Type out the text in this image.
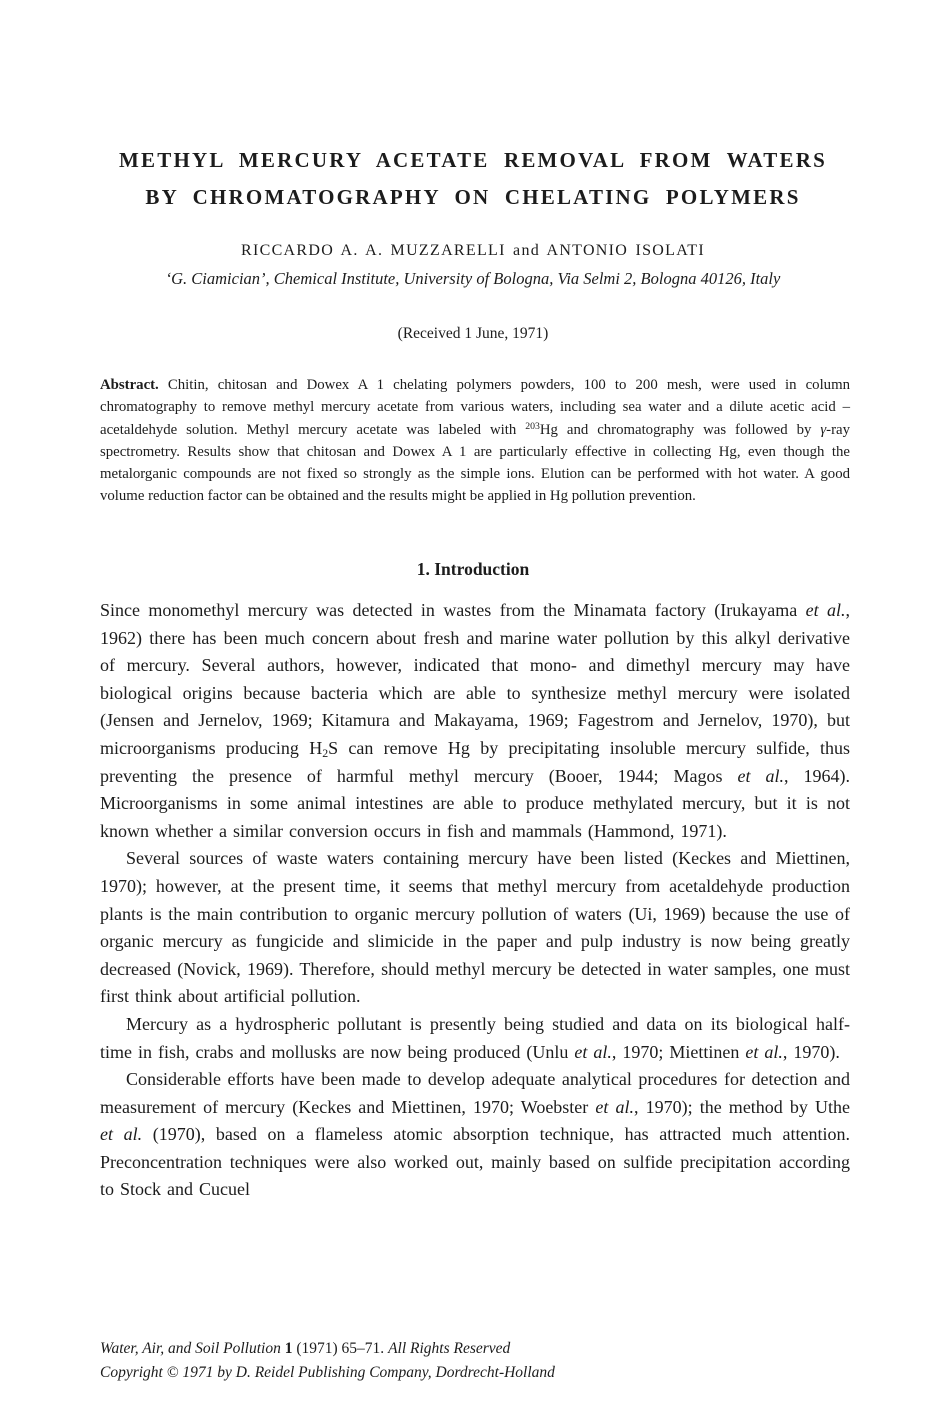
METHYL MERCURY ACETATE REMOVAL FROM WATERS
BY CHROMATOGRAPHY ON CHELATING POLYMERS
RICCARDO A. A. MUZZARELLI and ANTONIO ISOLATI
‘G. Ciamician’, Chemical Institute, University of Bologna, Via Selmi 2, Bologna 40126, Italy
(Received 1 June, 1971)
Abstract. Chitin, chitosan and Dowex A 1 chelating polymers powders, 100 to 200 mesh, were used in column chromatography to remove methyl mercury acetate from various waters, including sea water and a dilute acetic acid – acetaldehyde solution. Methyl mercury acetate was labeled with $^{203}$Hg and chromatography was followed by γ-ray spectrometry. Results show that chitosan and Dowex A 1 are particularly effective in collecting Hg, even though the metalorganic compounds are not fixed so strongly as the simple ions. Elution can be performed with hot water. A good volume reduction factor can be obtained and the results might be applied in Hg pollution prevention.
1. Introduction
Since monomethyl mercury was detected in wastes from the Minamata factory (Irukayama et al., 1962) there has been much concern about fresh and marine water pollution by this alkyl derivative of mercury. Several authors, however, indicated that mono- and dimethyl mercury may have biological origins because bacteria which are able to synthesize methyl mercury were isolated (Jensen and Jernelov, 1969; Kitamura and Makayama, 1969; Fagestrom and Jernelov, 1970), but microorganisms producing $H_2S$ can remove Hg by precipitating insoluble mercury sulfide, thus preventing the presence of harmful methyl mercury (Booer, 1944; Magos et al., 1964). Microorganisms in some animal intestines are able to produce methylated mercury, but it is not known whether a similar conversion occurs in fish and mammals (Hammond, 1971).
Several sources of waste waters containing mercury have been listed (Keckes and Miettinen, 1970); however, at the present time, it seems that methyl mercury from acetaldehyde production plants is the main contribution to organic mercury pollution of waters (Ui, 1969) because the use of organic mercury as fungicide and slimicide in the paper and pulp industry is now being greatly decreased (Novick, 1969). Therefore, should methyl mercury be detected in water samples, one must first think about artificial pollution.
Mercury as a hydrospheric pollutant is presently being studied and data on its biological half-time in fish, crabs and mollusks are now being produced (Unlu et al., 1970; Miettinen et al., 1970).
Considerable efforts have been made to develop adequate analytical procedures for detection and measurement of mercury (Keckes and Miettinen, 1970; Woebster et al., 1970); the method by Uthe et al. (1970), based on a flameless atomic absorption technique, has attracted much attention. Preconcentration techniques were also worked out, mainly based on sulfide precipitation according to Stock and Cucuel
Water, Air, and Soil Pollution 1 (1971) 65–71. All Rights Reserved
Copyright © 1971 by D. Reidel Publishing Company, Dordrecht-Holland
